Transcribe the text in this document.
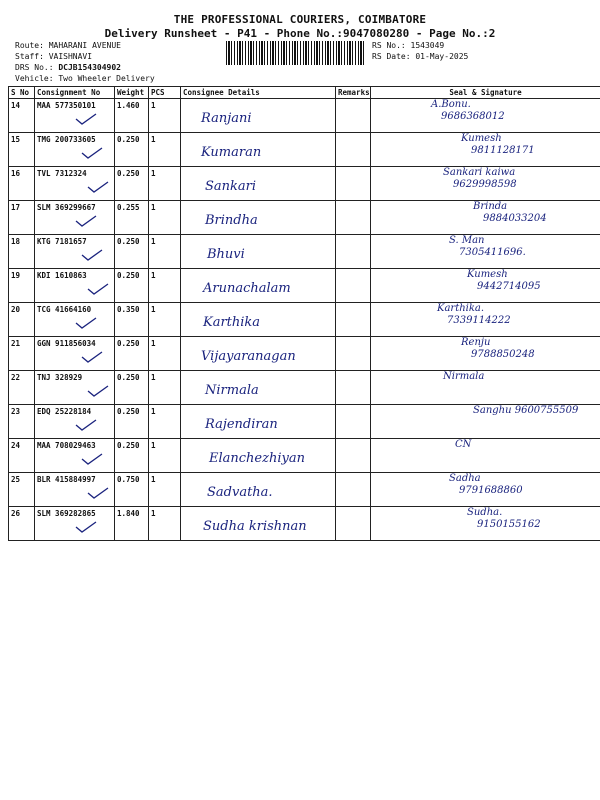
THE PROFESSIONAL COURIERS, COIMBATORE
Delivery Runsheet - P41 - Phone No.:9047080280 - Page No.:2
Route: MAHARANI AVENUE
Staff: VAISHNAVI
DRS No.: DCJB154304902
Vehicle: Two Wheeler Delivery
RS No.: 1543049
RS Date: 01-May-2025
S No	Consignment No	Weight	PCS	Consignee Details	Remarks	Seal & Signature
14	MAA 577350101	1.460	1	Ranjani		A.Bonu.
9686368012

15	TMG 200733605	0.250	1	Kumaran		Kumesh
9811128171

16	TVL 7312324	0.250	1	Sankari		Sankari kaiwa
9629998598

17	SLM 369299667	0.255	1	Brindha		Brinda
9884033204

18	KTG 7181657	0.250	1	Bhuvi		S. Man
7305411696.

19	KDI 1610863	0.250	1	Arunachalam		Kumesh
9442714095

20	TCG 41664160	0.350	1	Karthika		Karthika.
7339114222

21	GGN 911856034	0.250	1	Vijayaranagan		Renju
9788850248

22	TNJ 328929	0.250	1	Nirmala		Nirmala

23	EDQ 25228184	0.250	1	Rajendiran		Sanghu 9600755509

24	MAA 708029463	0.250	1	Elanchezhiyan		CN

25	BLR 415884997	0.750	1	Sadvatha.		Sadha
9791688860

26	SLM 369282865	1.840	1	Sudha krishnan		Sudha.
9150155162
